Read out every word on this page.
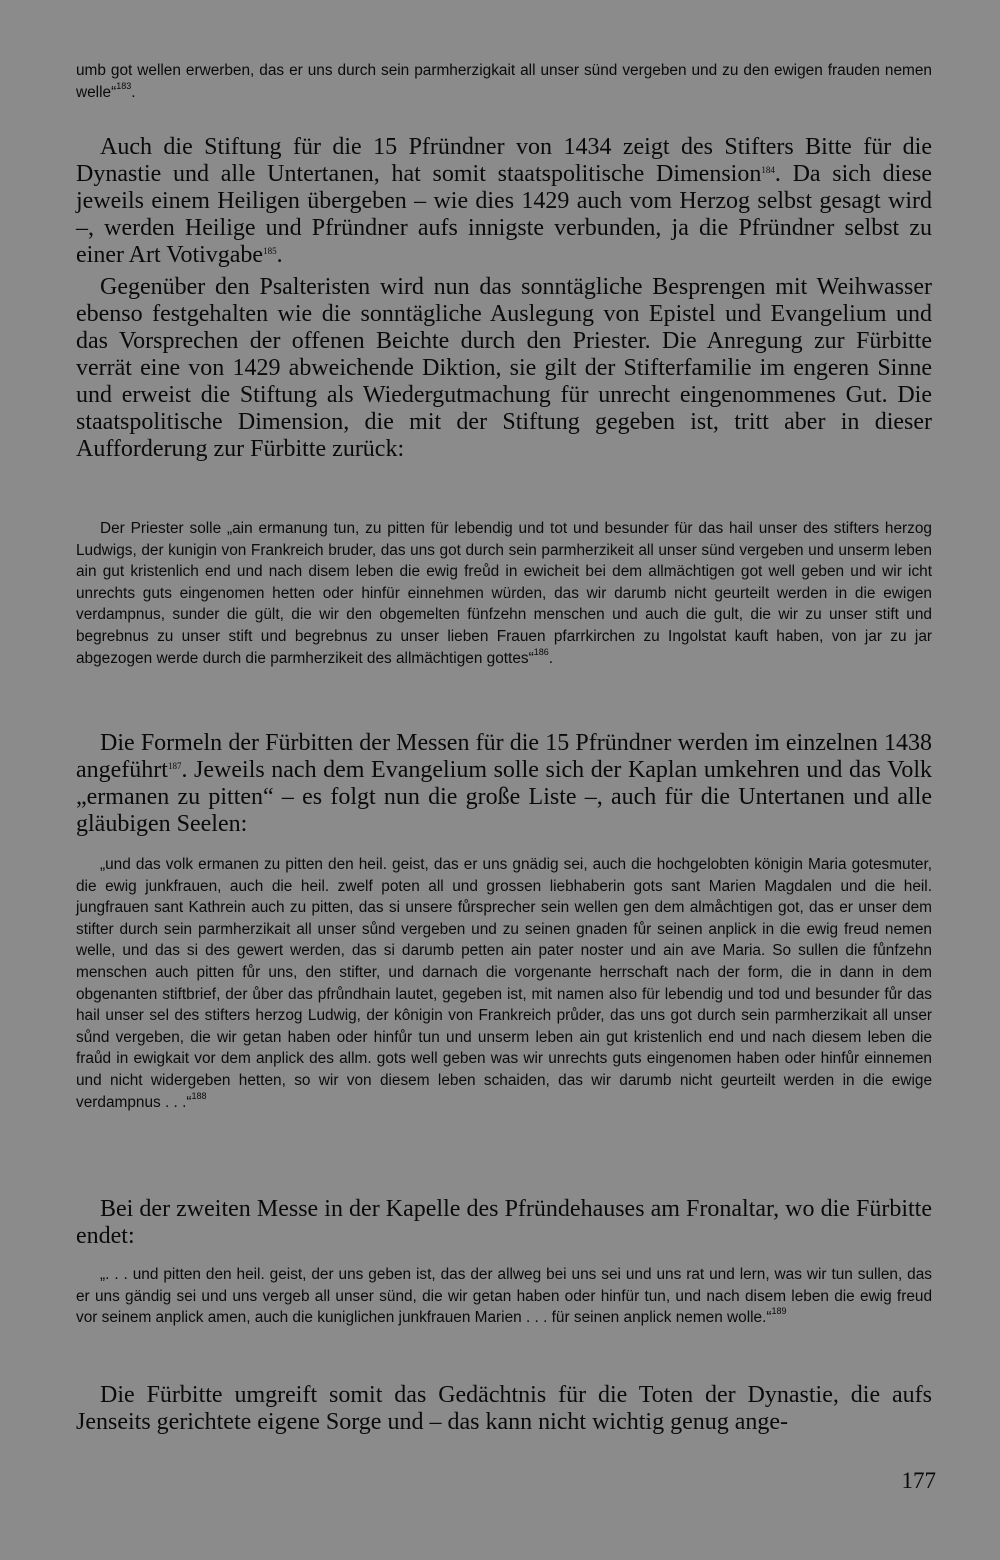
umb got wellen erwerben, das er uns durch sein parmherzigkait all unser sünd vergeben und zu den ewigen frauden nemen welle“$^{183}$.

Auch die Stiftung für die 15 Pfründner von 1434 zeigt des Stifters Bitte für die Dynastie und alle Untertanen, hat somit staatspolitische Dimension$^{184}$. Da sich diese jeweils einem Heiligen übergeben – wie dies 1429 auch vom Herzog selbst gesagt wird –, werden Heilige und Pfründner aufs innigste verbunden, ja die Pfründner selbst zu einer Art Votivgabe$^{185}$.

Gegenüber den Psalteristen wird nun das sonntägliche Besprengen mit Weihwasser ebenso festgehalten wie die sonntägliche Auslegung von Epistel und Evangelium und das Vorsprechen der offenen Beichte durch den Priester. Die Anregung zur Fürbitte verrät eine von 1429 abweichende Diktion, sie gilt der Stifterfamilie im engeren Sinne und erweist die Stiftung als Wiedergutmachung für unrecht eingenommenes Gut. Die staatspolitische Dimension, die mit der Stiftung gegeben ist, tritt aber in dieser Aufforderung zur Fürbitte zurück:

Der Priester solle „ain ermanung tun, zu pitten für lebendig und tot und besunder für das hail unser des stifters herzog Ludwigs, der kunigin von Frankreich bruder, das uns got durch sein parmherzikeit all unser sünd vergeben und unserm leben ain gut kristenlich end und nach disem leben die ewig freůd in ewicheit bei dem allmächtigen got well geben und wir icht unrechts guts eingenomen hetten oder hinfür einnehmen würden, das wir darumb nicht geurteilt werden in die ewigen verdampnus, sunder die gült, die wir den obgemelten fünfzehn menschen und auch die gult, die wir zu unser stift und begrebnus zu unser stift und begrebnus zu unser lieben Frauen pfarrkirchen zu Ingolstat kauft haben, von jar zu jar abgezogen werde durch die parmherzikeit des allmächtigen gottes“$^{186}$.

Die Formeln der Fürbitten der Messen für die 15 Pfründner werden im einzelnen 1438 angeführt$^{187}$. Jeweils nach dem Evangelium solle sich der Kaplan umkehren und das Volk „ermanen zu pitten“ – es folgt nun die große Liste –, auch für die Untertanen und alle gläubigen Seelen:

„und das volk ermanen zu pitten den heil. geist, das er uns gnädig sei, auch die hochgelobten königin Maria gotesmuter, die ewig junkfrauen, auch die heil. zwelf poten all und grossen liebhaberin gots sant Marien Magdalen und die heil. jungfrauen sant Kathrein auch zu pitten, das si unsere fůrsprecher sein wellen gen dem almåchtigen got, das er unser dem stifter durch sein parmherzikait all unser sůnd vergeben und zu seinen gnaden fůr seinen anplick in die ewig freud nemen welle, und das si des gewert werden, das si darumb petten ain pater noster und ain ave Maria. So sullen die fůnfzehn menschen auch pitten fůr uns, den stifter, und darnach die vorgenante herrschaft nach der form, die in dann in dem obgenanten stiftbrief, der ůber das pfrůndhain lautet, gegeben ist, mit namen also für lebendig und tod und besunder fůr das hail unser sel des stifters herzog Ludwig, der kônigin von Frankreich průder, das uns got durch sein parmherzikait all unser sůnd vergeben, die wir getan haben oder hinfůr tun und unserm leben ain gut kristenlich end und nach diesem leben die fraůd in ewigkait vor dem anplick des allm. gots well geben was wir unrechts guts eingenomen haben oder hinfůr einnemen und nicht widergeben hetten, so wir von diesem leben schaiden, das wir darumb nicht geurteilt werden in die ewige verdampnus . . .“$^{188}$

Bei der zweiten Messe in der Kapelle des Pfründehauses am Fronaltar, wo die Fürbitte endet:

„. . . und pitten den heil. geist, der uns geben ist, das der allweg bei uns sei und uns rat und lern, was wir tun sullen, das er uns gändig sei und uns vergeb all unser sünd, die wir getan haben oder hinfür tun, und nach disem leben die ewig freud vor seinem anplick amen, auch die kuniglichen junkfrauen Marien . . . für seinen anplick nemen wolle.“$^{189}$

Die Fürbitte umgreift somit das Gedächtnis für die Toten der Dynastie, die aufs Jenseits gerichtete eigene Sorge und – das kann nicht wichtig genug ange-

177
